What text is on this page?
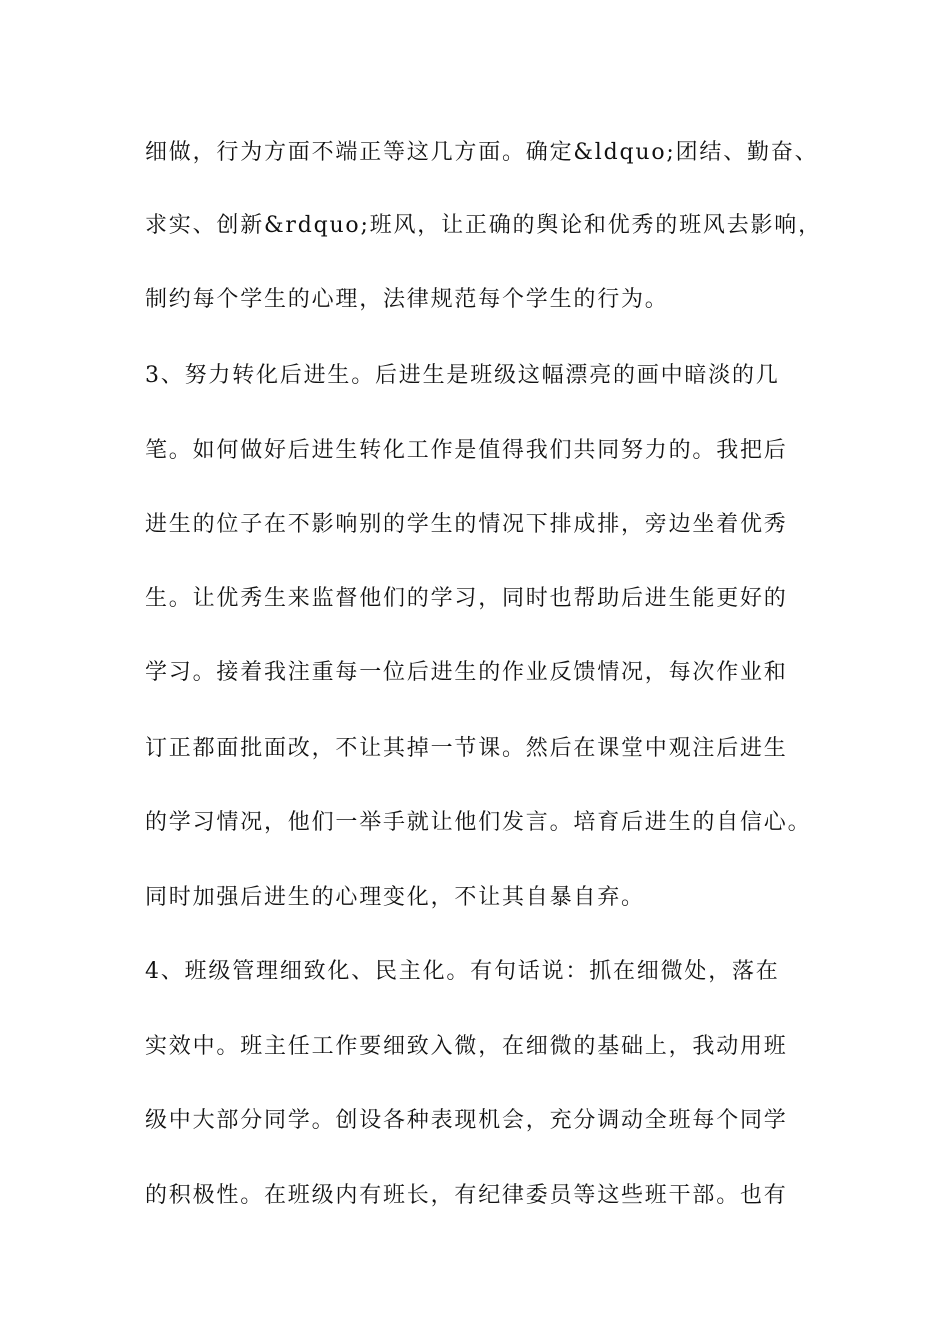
细做，行为方面不端正等这几方面。确定&ldquo;团结、勤奋、
求实、创新&rdquo;班风，让正确的舆论和优秀的班风去影响，
制约每个学生的心理，法律规范每个学生的行为。
3、努力转化后进生。后进生是班级这幅漂亮的画中暗淡的几
笔。如何做好后进生转化工作是值得我们共同努力的。我把后
进生的位子在不影响别的学生的情况下排成排，旁边坐着优秀
生。让优秀生来监督他们的学习，同时也帮助后进生能更好的
学习。接着我注重每一位后进生的作业反馈情况，每次作业和
订正都面批面改，不让其掉一节课。然后在课堂中观注后进生
的学习情况，他们一举手就让他们发言。培育后进生的自信心。
同时加强后进生的心理变化，不让其自暴自弃。
4、班级管理细致化、民主化。有句话说：抓在细微处，落在
实效中。班主任工作要细致入微，在细微的基础上，我动用班
级中大部分同学。创设各种表现机会，充分调动全班每个同学
的积极性。在班级内有班长，有纪律委员等这些班干部。也有
